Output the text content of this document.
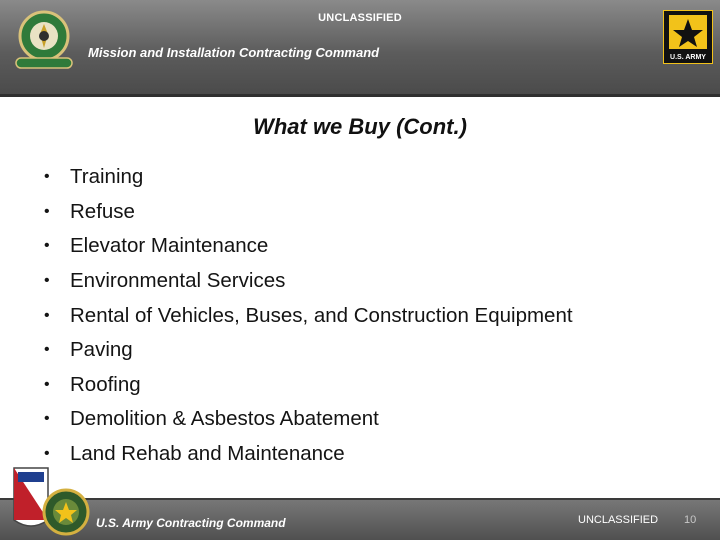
UNCLASSIFIED
Mission and Installation Contracting Command	U.S. ARMY
What we Buy (Cont.)
• Training
• Refuse
• Elevator Maintenance
• Environmental Services
• Rental of Vehicles, Buses, and Construction Equipment
• Paving
• Roofing
• Demolition & Asbestos Abatement
• Land Rehab and Maintenance
U.S. Army Contracting Command	UNCLASSIFIED 10
